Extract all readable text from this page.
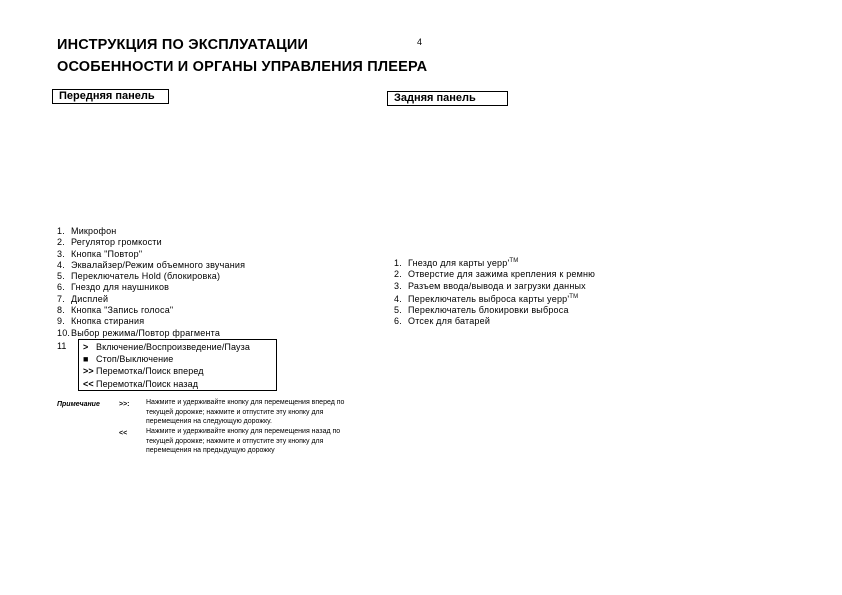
ИНСТРУКЦИЯ ПО ЭКСПЛУАТАЦИИ
ОСОБЕННОСТИ И ОРГАНЫ УПРАВЛЕНИЯ ПЛЕЕРА
4
Передняя панель
1. Микрофон
2. Регулятор громкости
3. Кнопка "Повтор"
4. Эквалайзер/Режим объемного звучания
5. Переключатель Hold (блокировка)
6. Гнездо для наушников
7. Дисплей
8. Кнопка "Запись голоса"
9. Кнопка стирания
10.Выбор режима/Повтор фрагмента
11 > Включение/Воспроизведение/Пауза
■ Стоп/Выключение
>> Перемотка/Поиск вперед
<< Перемотка/Поиск назад
Примечание	>>: Нажмите и удерживайте кнопку для перемещения вперед по текущей дорожке; нажмите и отпустите эту кнопку для перемещения на следующую дорожку.
<<	Нажмите и удерживайте кнопку для перемещения назад по текущей дорожке; нажмите и отпустите эту кнопку для перемещения на предыдущую дорожку
Задняя панель
1. Гнездо для карты yepp'™
2. Отверстие для зажима крепления к ремню
3. Разъем ввода/вывода и загрузки данных
4. Переключатель выброса карты yepp'™
5. Переключатель блокировки выброса
6. Отсек для батарей
